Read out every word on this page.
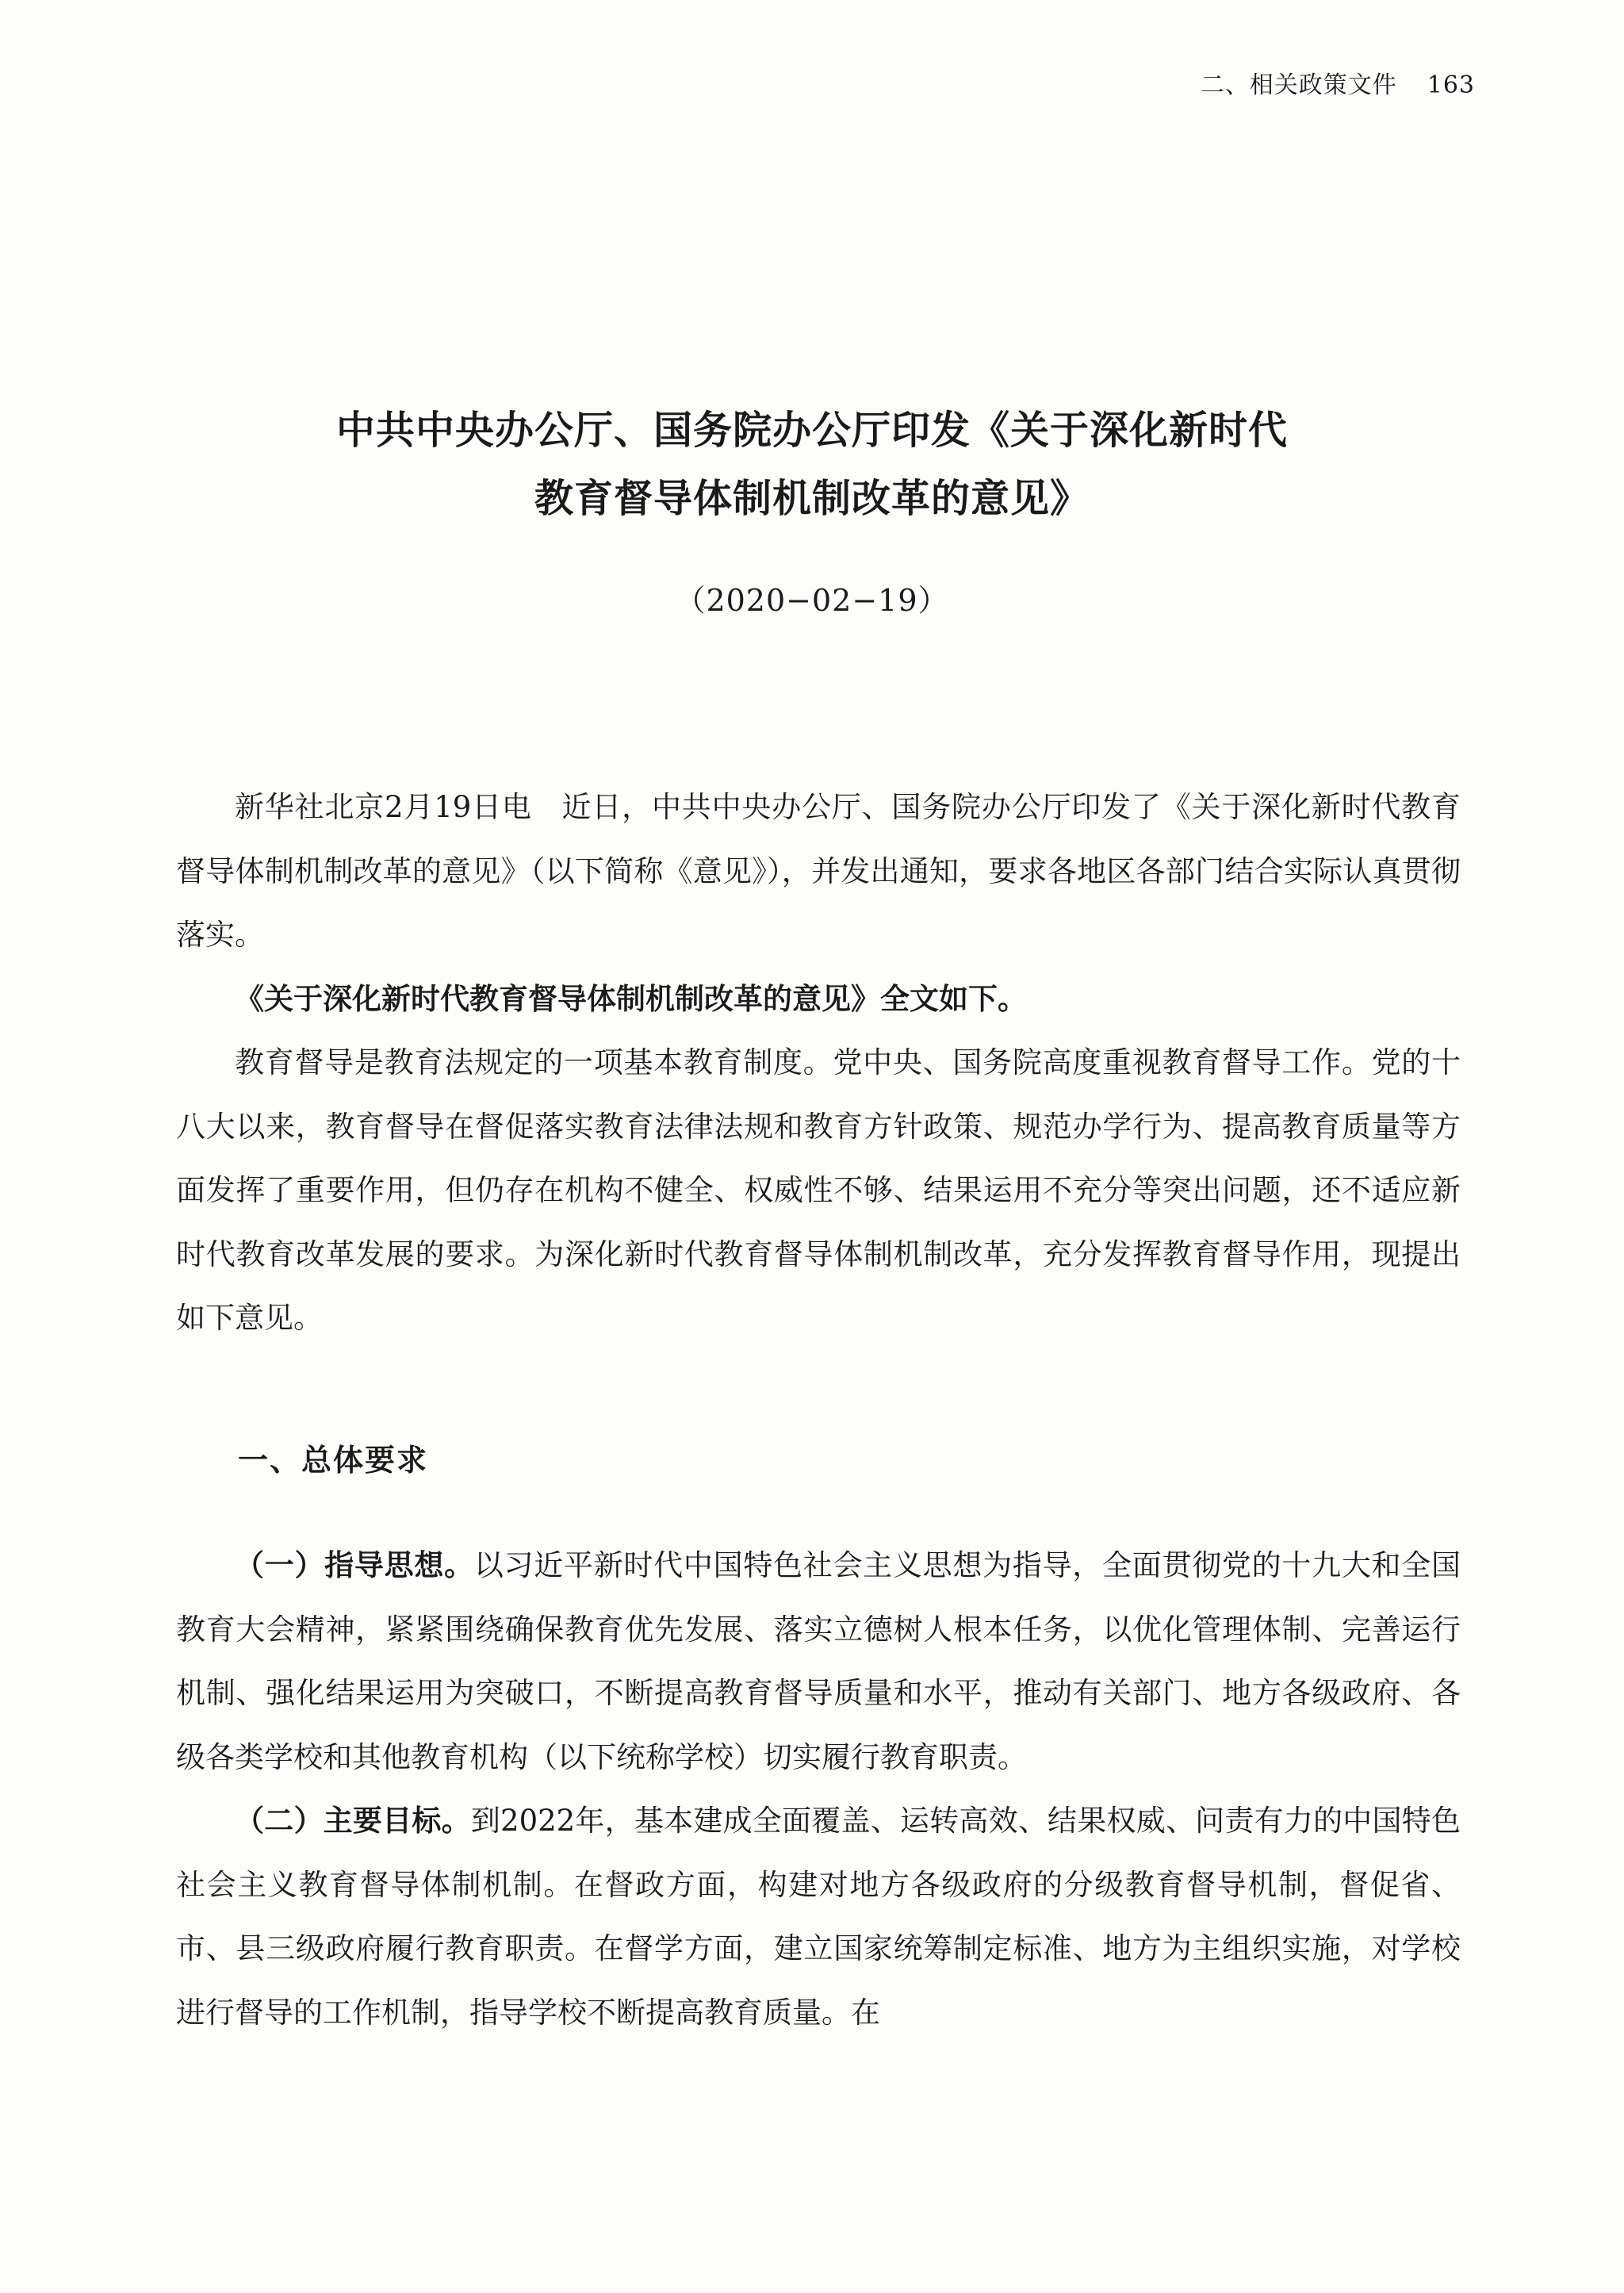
二、相关政策文件 163
中共中央办公厅、国务院办公厅印发《关于深化新时代
教育督导体制机制改革的意见》
（2020−02−19）

新华社北京2月19日电　近日，中共中央办公厅、国务院办公厅印发了《关于深化新时代教育督导体制机制改革的意见》（以下简称《意见》），并发出通知，要求各地区各部门结合实际认真贯彻落实。

《关于深化新时代教育督导体制机制改革的意见》全文如下。

教育督导是教育法规定的一项基本教育制度。党中央、国务院高度重视教育督导工作。党的十八大以来，教育督导在督促落实教育法律法规和教育方针政策、规范办学行为、提高教育质量等方面发挥了重要作用，但仍存在机构不健全、权威性不够、结果运用不充分等突出问题，还不适应新时代教育改革发展的要求。为深化新时代教育督导体制机制改革，充分发挥教育督导作用，现提出如下意见。

一、总体要求

（一）指导思想。以习近平新时代中国特色社会主义思想为指导，全面贯彻党的十九大和全国教育大会精神，紧紧围绕确保教育优先发展、落实立德树人根本任务，以优化管理体制、完善运行机制、强化结果运用为突破口，不断提高教育督导质量和水平，推动有关部门、地方各级政府、各级各类学校和其他教育机构（以下统称学校）切实履行教育职责。

（二）主要目标。到2022年，基本建成全面覆盖、运转高效、结果权威、问责有力的中国特色社会主义教育督导体制机制。在督政方面，构建对地方各级政府的分级教育督导机制，督促省、市、县三级政府履行教育职责。在督学方面，建立国家统筹制定标准、地方为主组织实施，对学校进行督导的工作机制，指导学校不断提高教育质量。在
